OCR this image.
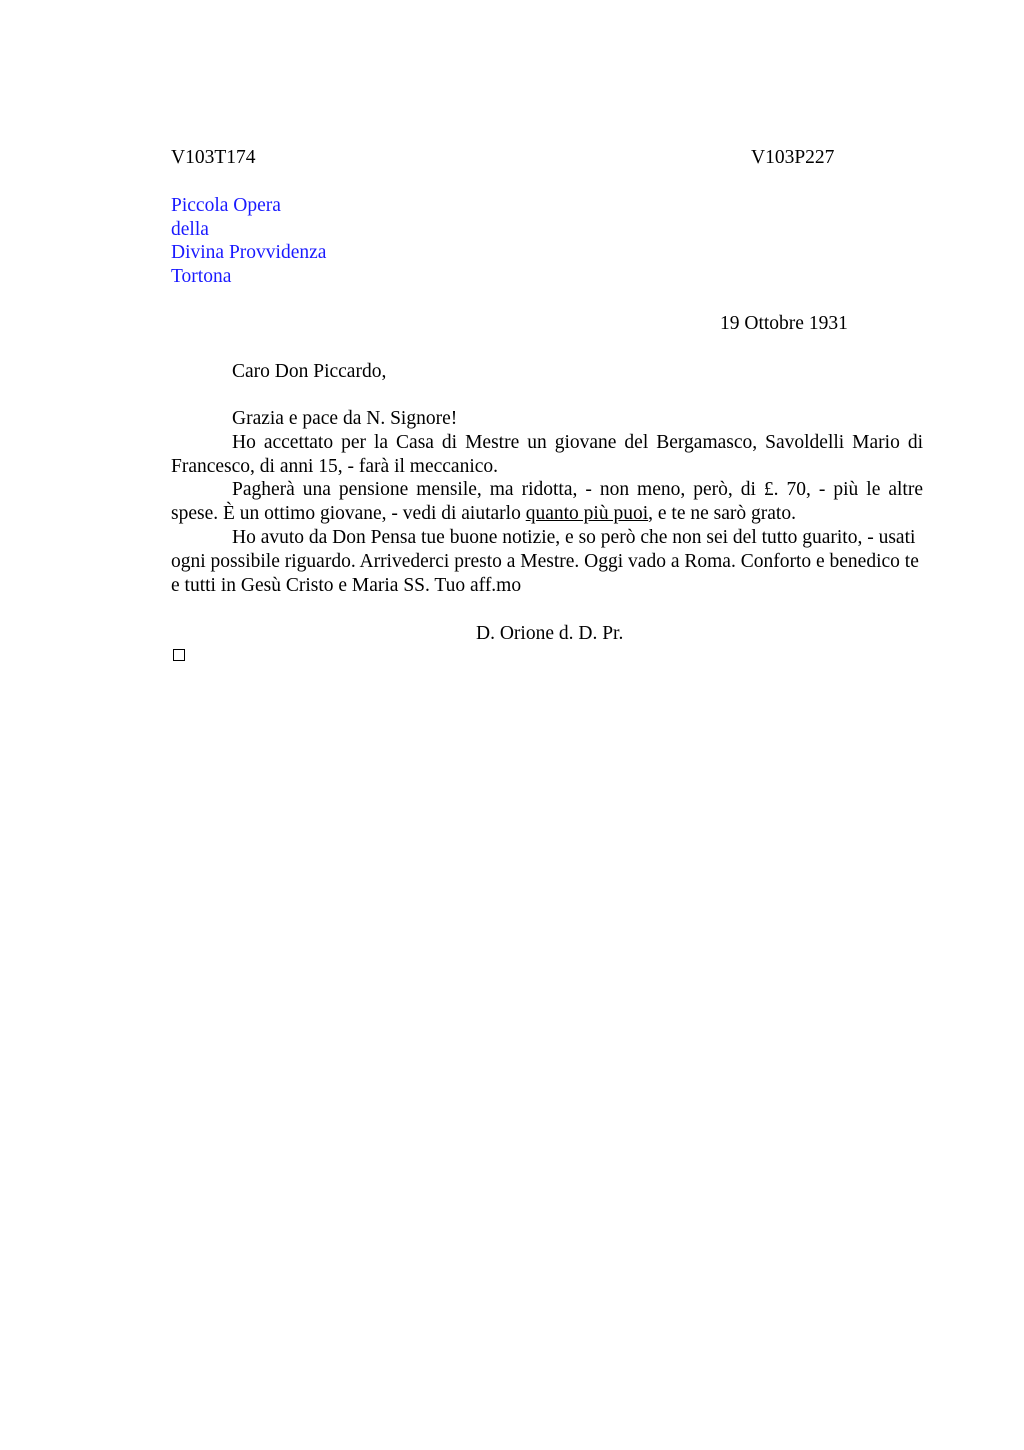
V103T174	V103P227
Piccola Opera
della
Divina Provvidenza
Tortona
19 Ottobre 1931
Caro Don Piccardo,

Grazia e pace da N. Signore!

Ho accettato per la Casa di Mestre un giovane del Bergamasco, Savoldelli Mario di Francesco, di anni 15, - farà il meccanico.

Pagherà una pensione mensile, ma ridotta, - non meno, però, di £. 70, - più le altre spese. È un ottimo giovane, - vedi di aiutarlo quanto più puoi, e te ne sarò grato.

Ho avuto da Don Pensa tue buone notizie, e so però che non sei del tutto guarito, - usati ogni possibile riguardo. Arrivederci presto a Mestre. Oggi vado a Roma. Conforto e benedico te e tutti in Gesù Cristo e Maria SS. Tuo aff.mo

D. Orione d. D. Pr.
